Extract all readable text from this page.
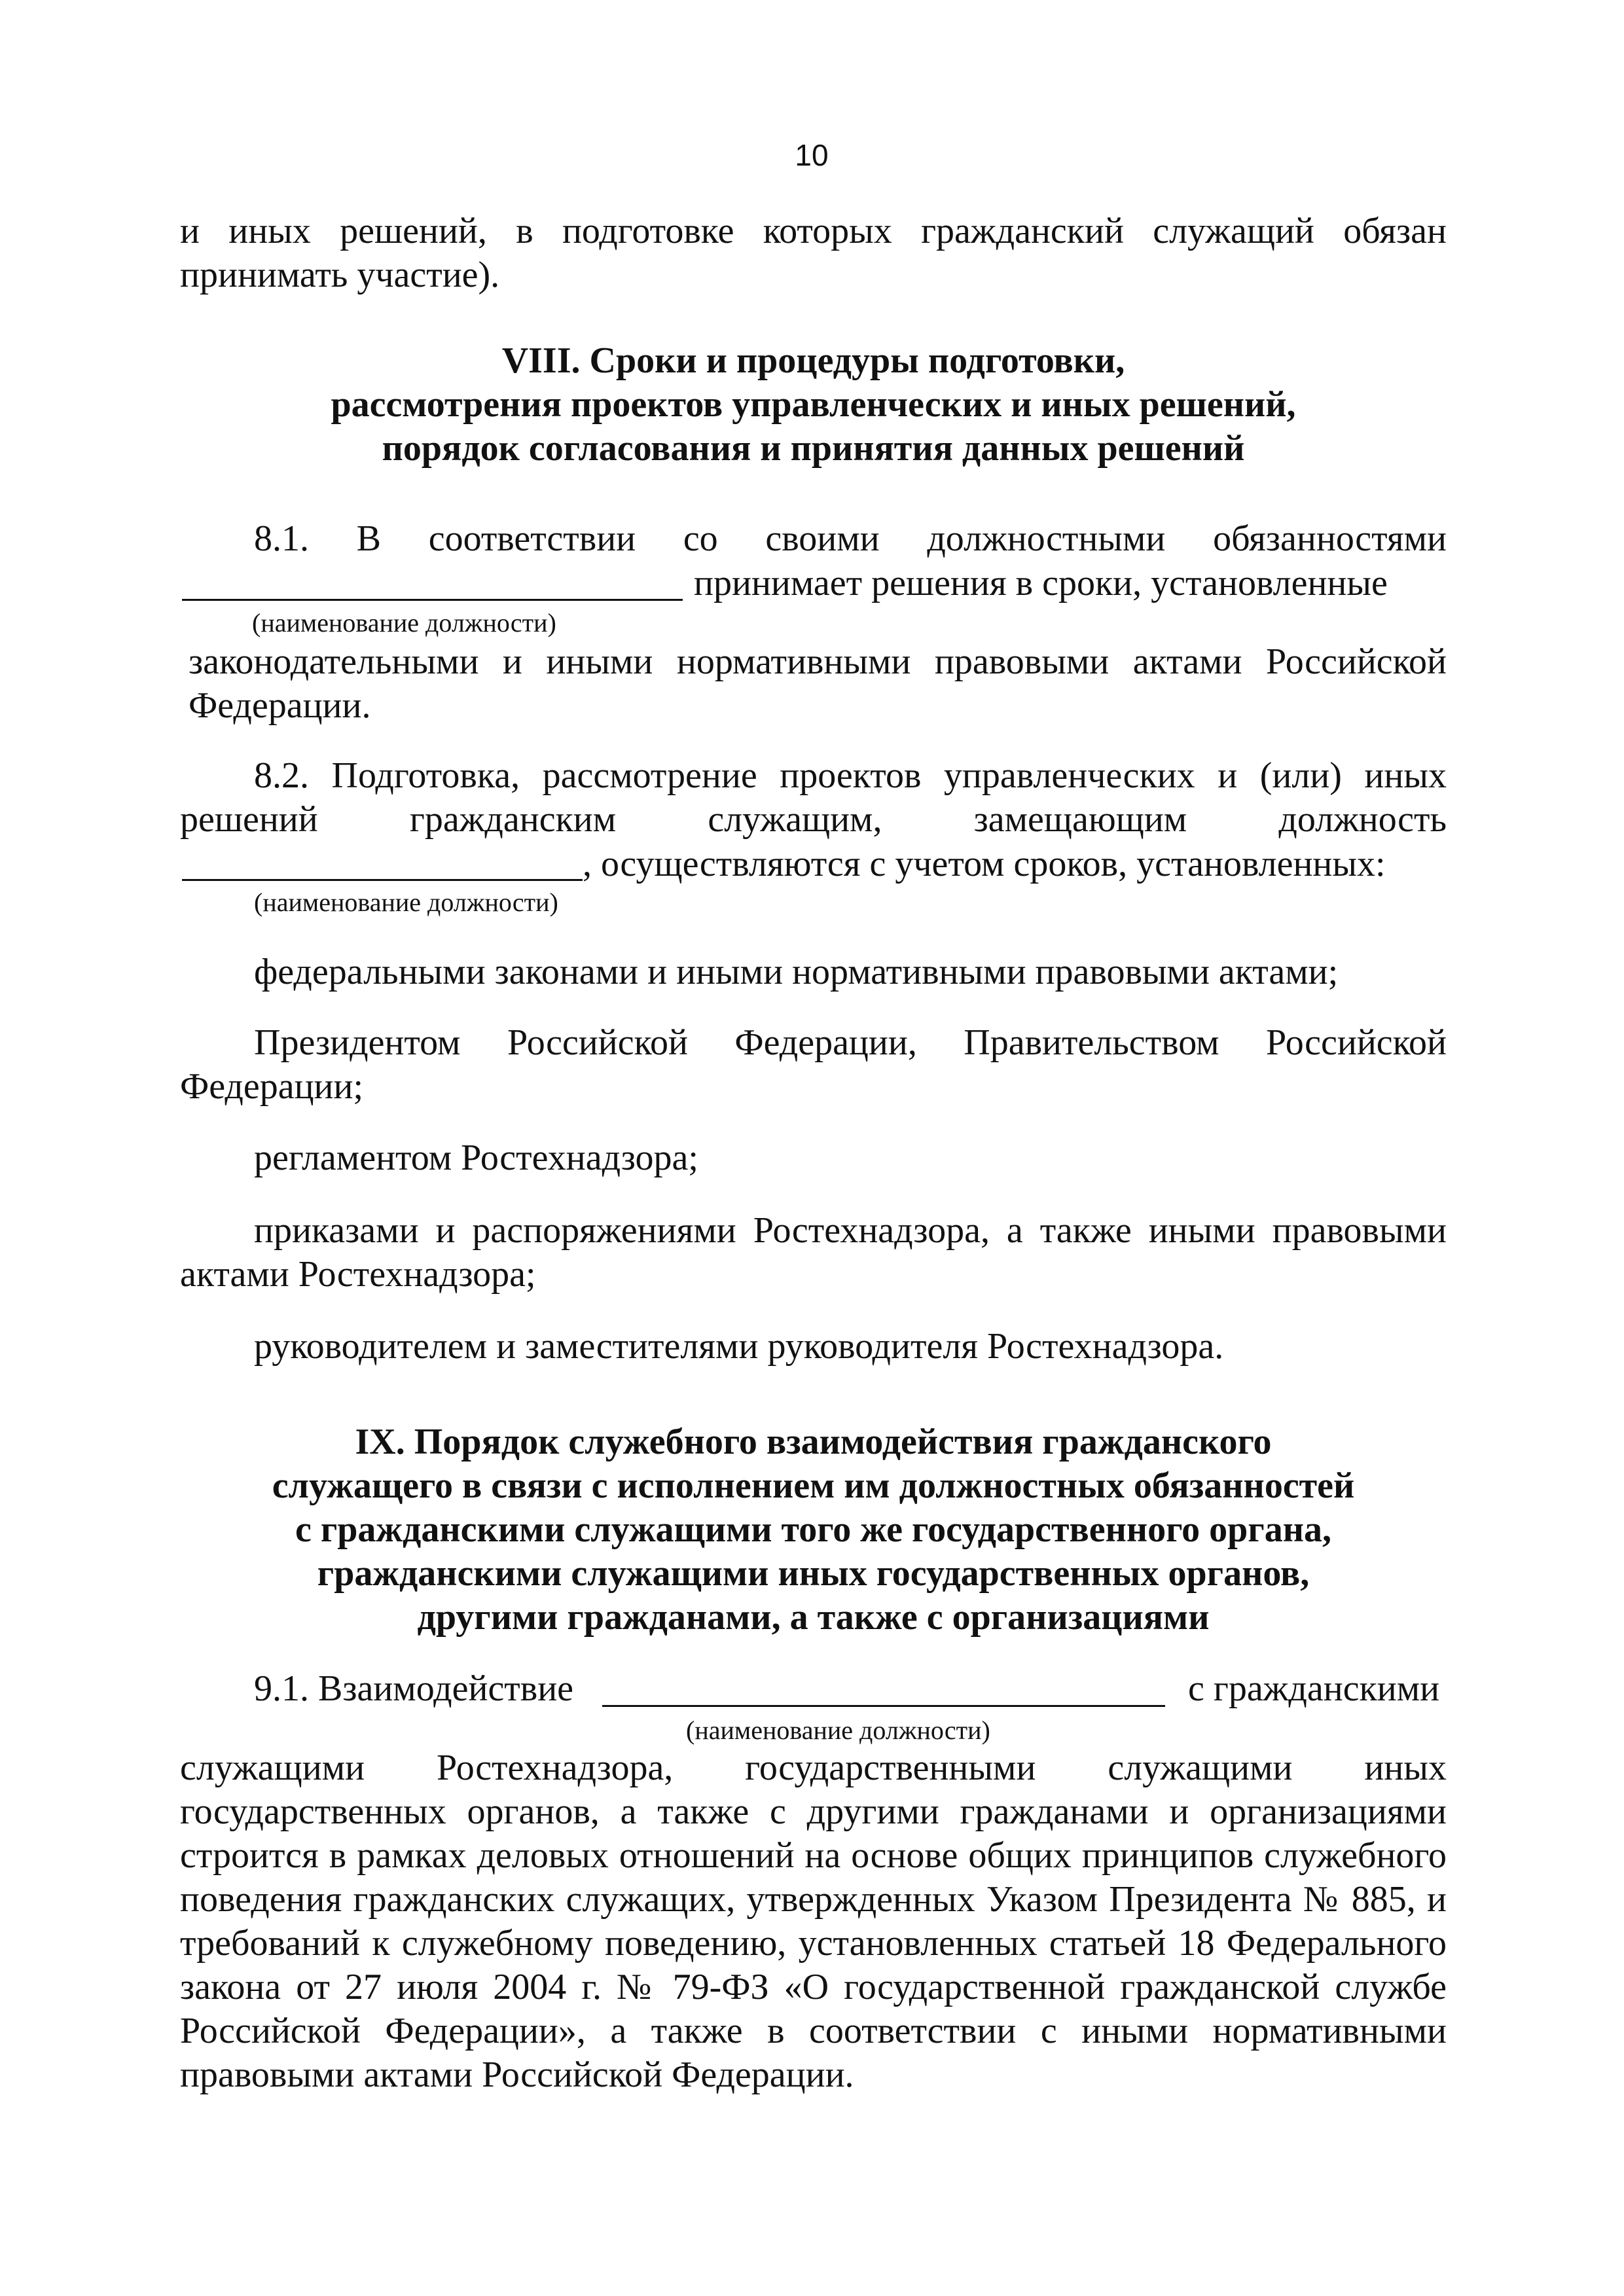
10

и иных решений, в подготовке которых гражданский служащий обязан принимать участие).

VIII. Сроки и процедуры подготовки,
рассмотрения проектов управленческих и иных решений,
порядок согласования и принятия данных решений
8.1. В соответствии со своими должностными обязанностями
принимает решения в сроки, установленные
(наименование должности)

законодательными и иными нормативными правовыми актами Российской Федерации.

8.2. Подготовка, рассмотрение проектов управленческих и (или) иных
решений гражданским служащим, замещающим должность
, осуществляются с учетом сроков, установленных:
(наименование должности)

федеральными законами и иными нормативными правовыми актами;

Президентом Российской Федерации, Правительством Российской Федерации;

регламентом Ростехнадзора;

приказами и распоряжениями Ростехнадзора, а также иными правовыми актами Ростехнадзора;

руководителем и заместителями руководителя Ростехнадзора.

IX. Порядок служебного взаимодействия гражданского
служащего в связи с исполнением им должностных обязанностей
с гражданскими служащими того же государственного органа,
гражданскими служащими иных государственных органов,
другими гражданами, а также с организациями
9.1. Взаимодействие	с гражданскими
(наименование должности)

служащими Ростехнадзора, государственными служащими иных государственных органов, а также с другими гражданами и организациями строится в рамках деловых отношений на основе общих принципов служебного поведения гражданских служащих, утвержденных Указом Президента № 885, и требований к служебному поведению, установленных статьей 18 Федерального закона от 27 июля 2004 г. № 79-ФЗ «О государственной гражданской службе Российской Федерации», а также в соответствии с иными нормативными правовыми актами Российской Федерации.
